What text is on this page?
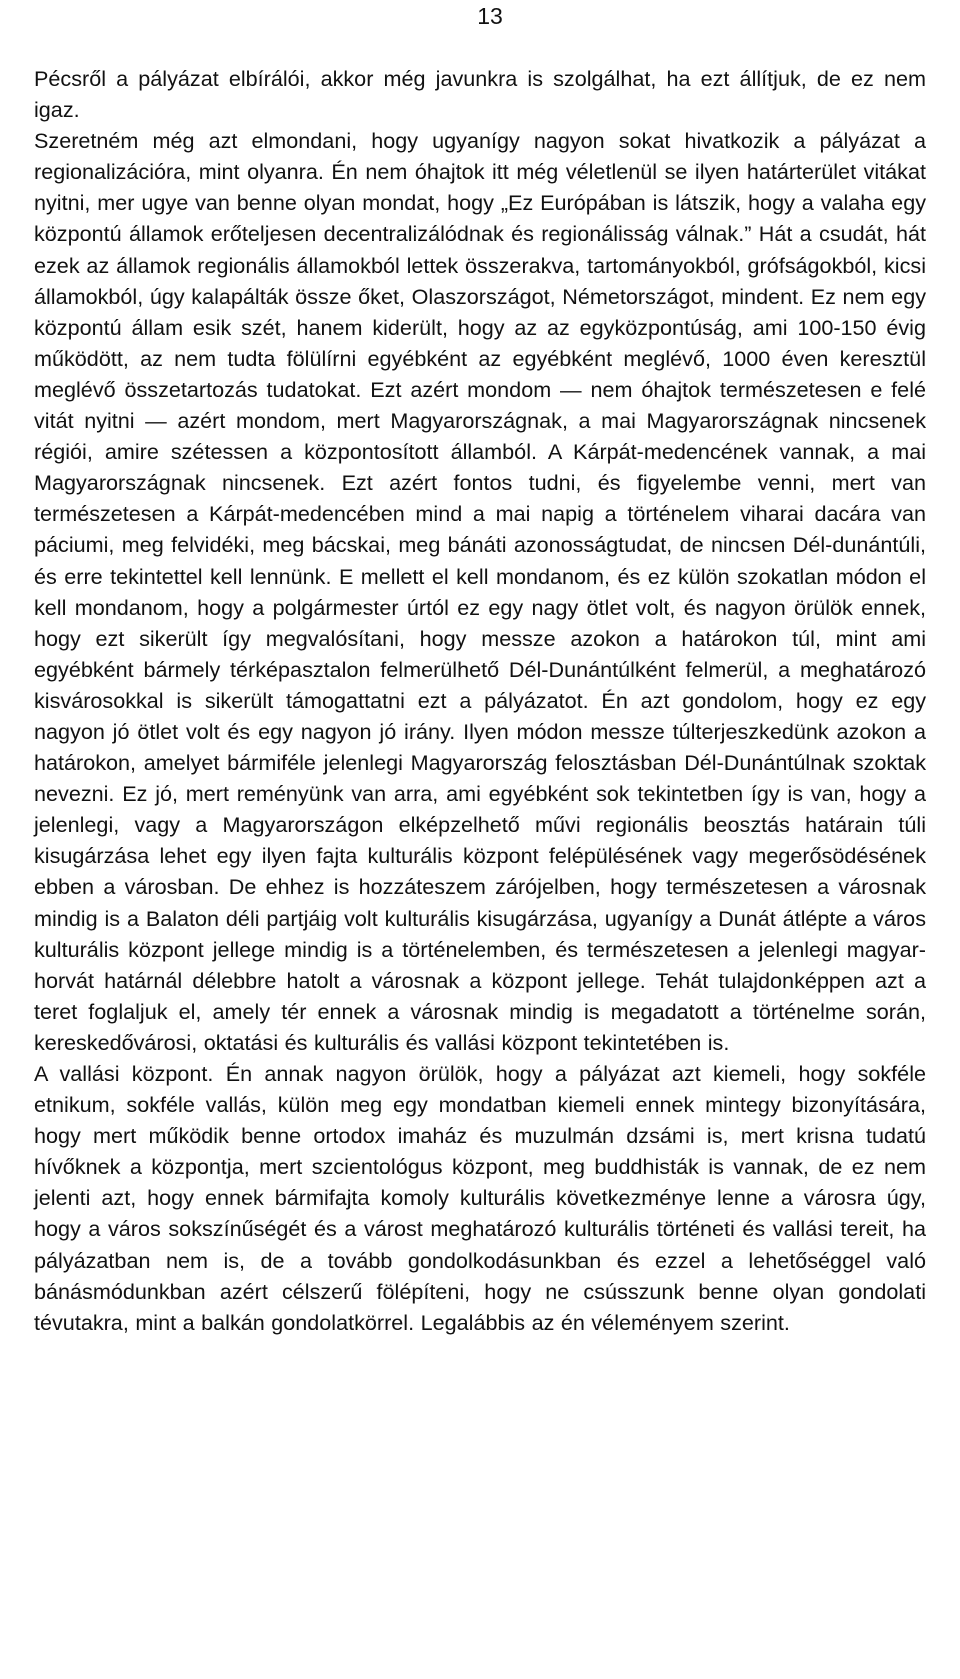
13

Pécsről a pályázat elbírálói, akkor még javunkra is szolgálhat, ha ezt állítjuk, de ez nem igaz.

Szeretném még azt elmondani, hogy ugyanígy nagyon sokat hivatkozik a pályázat a regionalizációra, mint olyanra. Én nem óhajtok itt még véletlenül se ilyen határterület vitákat nyitni, mer ugye van benne olyan mondat, hogy „Ez Európában is látszik, hogy a valaha egy központú államok erőteljesen decentralizálódnak és regionálisság válnak.” Hát a csudát, hát ezek az államok regionális államokból lettek összerakva, tartományokból, grófságokból, kicsi államokból, úgy kalapálták össze őket, Olaszországot, Németországot, mindent. Ez nem egy központú állam esik szét, hanem kiderült, hogy az az egyközpontúság, ami 100-150 évig működött, az nem tudta fölülírni egyébként az egyébként meglévő, 1000 éven keresztül meglévő összetartozás tudatokat. Ezt azért mondom — nem óhajtok természetesen e felé vitát nyitni — azért mondom, mert Magyarországnak, a mai Magyarországnak nincsenek régiói, amire szétessen a központosított államból. A Kárpát-medencének vannak, a mai Magyarországnak nincsenek. Ezt azért fontos tudni, és figyelembe venni, mert van természetesen a Kárpát-medencében mind a mai napig a történelem viharai dacára van páciumi, meg felvidéki, meg bácskai, meg bánáti azonosságtudat, de nincsen Dél-dunántúli, és erre tekintettel kell lennünk. E mellett el kell mondanom, és ez külön szokatlan módon el kell mondanom, hogy a polgármester úrtól ez egy nagy ötlet volt, és nagyon örülök ennek, hogy ezt sikerült így megvalósítani, hogy messze azokon a határokon túl, mint ami egyébként bármely térképasztalon felmerülhető Dél-Dunántúlként felmerül, a meghatározó kisvárosokkal is sikerült támogattatni ezt a pályázatot. Én azt gondolom, hogy ez egy nagyon jó ötlet volt és egy nagyon jó irány. Ilyen módon messze túlterjeszkedünk azokon a határokon, amelyet bármiféle jelenlegi Magyarország felosztásban Dél-Dunántúlnak szoktak nevezni. Ez jó, mert reményünk van arra, ami egyébként sok tekintetben így is van, hogy a jelenlegi, vagy a Magyarországon elképzelhető művi regionális beosztás határain túli kisugárzása lehet egy ilyen fajta kulturális központ felépülésének vagy megerősödésének ebben a városban. De ehhez is hozzáteszem zárójelben, hogy természetesen a városnak mindig is a Balaton déli partjáig volt kulturális kisugárzása, ugyanígy a Dunát átlépte a város kulturális központ jellege mindig is a történelemben, és természetesen a jelenlegi magyar-horvát határnál délebbre hatolt a városnak a központ jellege. Tehát tulajdonképpen azt a teret foglaljuk el, amely tér ennek a városnak mindig is megadatott a történelme során, kereskedővárosi, oktatási és kulturális és vallási központ tekintetében is.

A vallási központ. Én annak nagyon örülök, hogy a pályázat azt kiemeli, hogy sokféle etnikum, sokféle vallás, külön meg egy mondatban kiemeli ennek mintegy bizonyítására, hogy mert működik benne ortodox imaház és muzulmán dzsámi is, mert krisna tudatú hívőknek a központja, mert szcientológus központ, meg buddhisták is vannak, de ez nem jelenti azt, hogy ennek bármifajta komoly kulturális következménye lenne a városra úgy, hogy a város sokszínűségét és a várost meghatározó kulturális történeti és vallási tereit, ha pályázatban nem is, de a tovább gondolkodásunkban és ezzel a lehetőséggel való bánásmódunkban azért célszerű fölépíteni, hogy ne csússzunk benne olyan gondolati tévutakra, mint a balkán gondolatkörrel. Legalábbis az én véleményem szerint.
